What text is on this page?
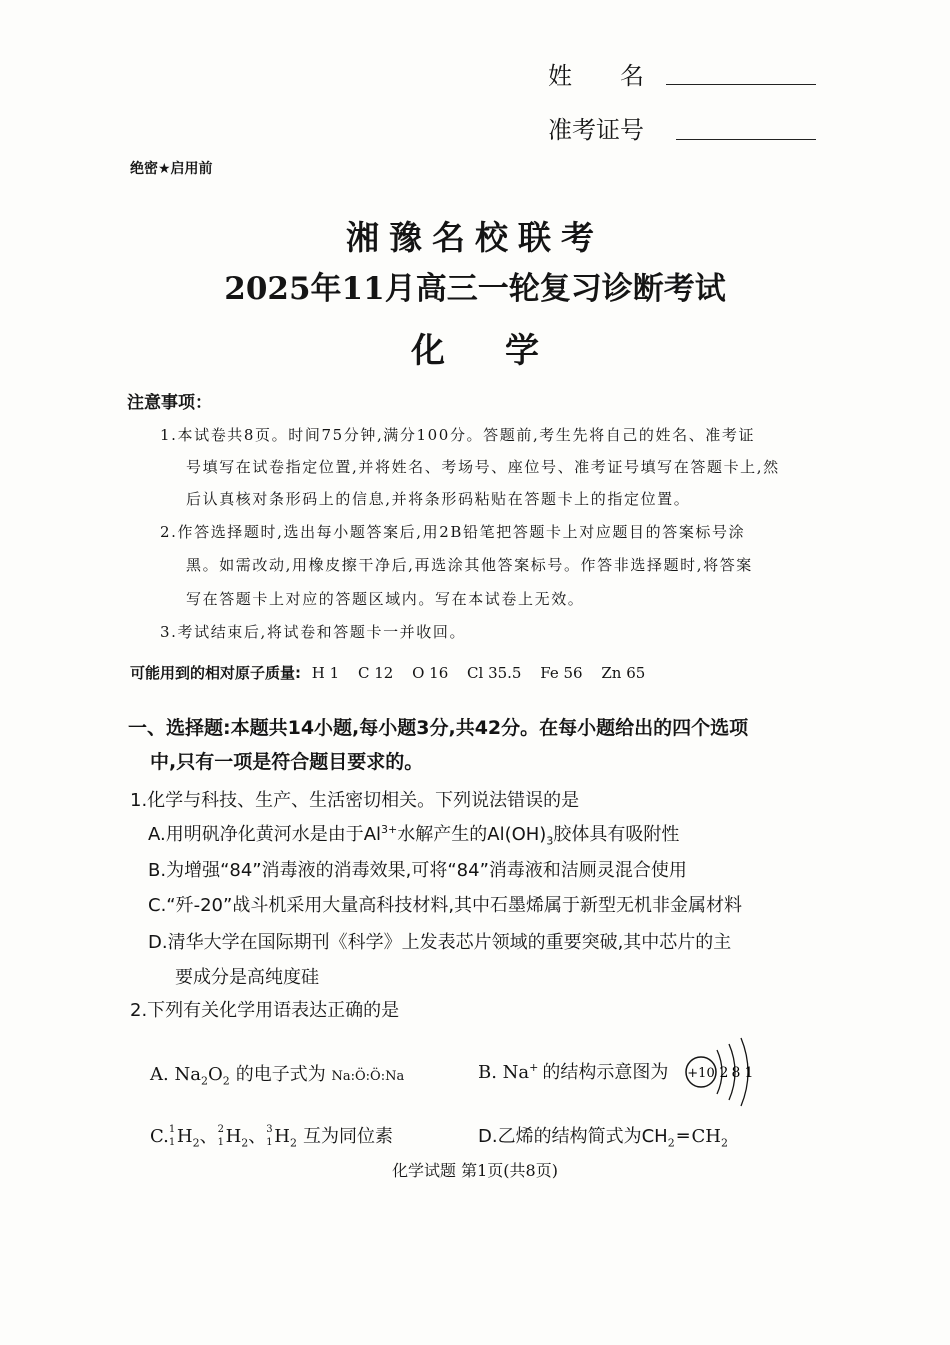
姓　　名
准考证号
绝密★启用前
湘豫名校联考
2025年11月高三一轮复习诊断考试
化学
注意事项：
1.本试卷共8页。时间75分钟,满分100分。答题前,考生先将自己的姓名、准考证
号填写在试卷指定位置,并将姓名、考场号、座位号、准考证号填写在答题卡上,然
后认真核对条形码上的信息,并将条形码粘贴在答题卡上的指定位置。
2.作答选择题时,选出每小题答案后,用2B铅笔把答题卡上对应题目的答案标号涂
黑。如需改动,用橡皮擦干净后,再选涂其他答案标号。作答非选择题时,将答案
写在答题卡上对应的答题区域内。写在本试卷上无效。
3.考试结束后,将试卷和答题卡一并收回。
可能用到的相对原子质量: H 1 C 12 O 16 Cl 35.5 Fe 56 Zn 65
一、选择题:本题共14小题,每小题3分,共42分。在每小题给出的四个选项
中,只有一项是符合题目要求的。
1.化学与科技、生产、生活密切相关。下列说法错误的是
A.用明矾净化黄河水是由于$Al^{3+}$水解产生的$Al(OH)_3$胶体具有吸附性
B.为增强“84”消毒液的消毒效果,可将“84”消毒液和洁厕灵混合使用
C.“歼-20”战斗机采用大量高科技材料,其中石墨烯属于新型无机非金属材料
D.清华大学在国际期刊《科学》上发表芯片领域的重要突破,其中芯片的主
要成分是高纯度硅
2.下列有关化学用语表达正确的是
A. $Na_2O_2$ 的电子式为 Na:Ö:Ö:Na	B. Na+ 的结构示意图为 +10 2 8 1
C. 1
1 $H_2$、 2
1 $H_2$、 3
1 $H_2$ 互为同位素	D.乙烯的结构简式为$CH_2$ ═ $CH_2$
化学试题 第1页(共8页)
